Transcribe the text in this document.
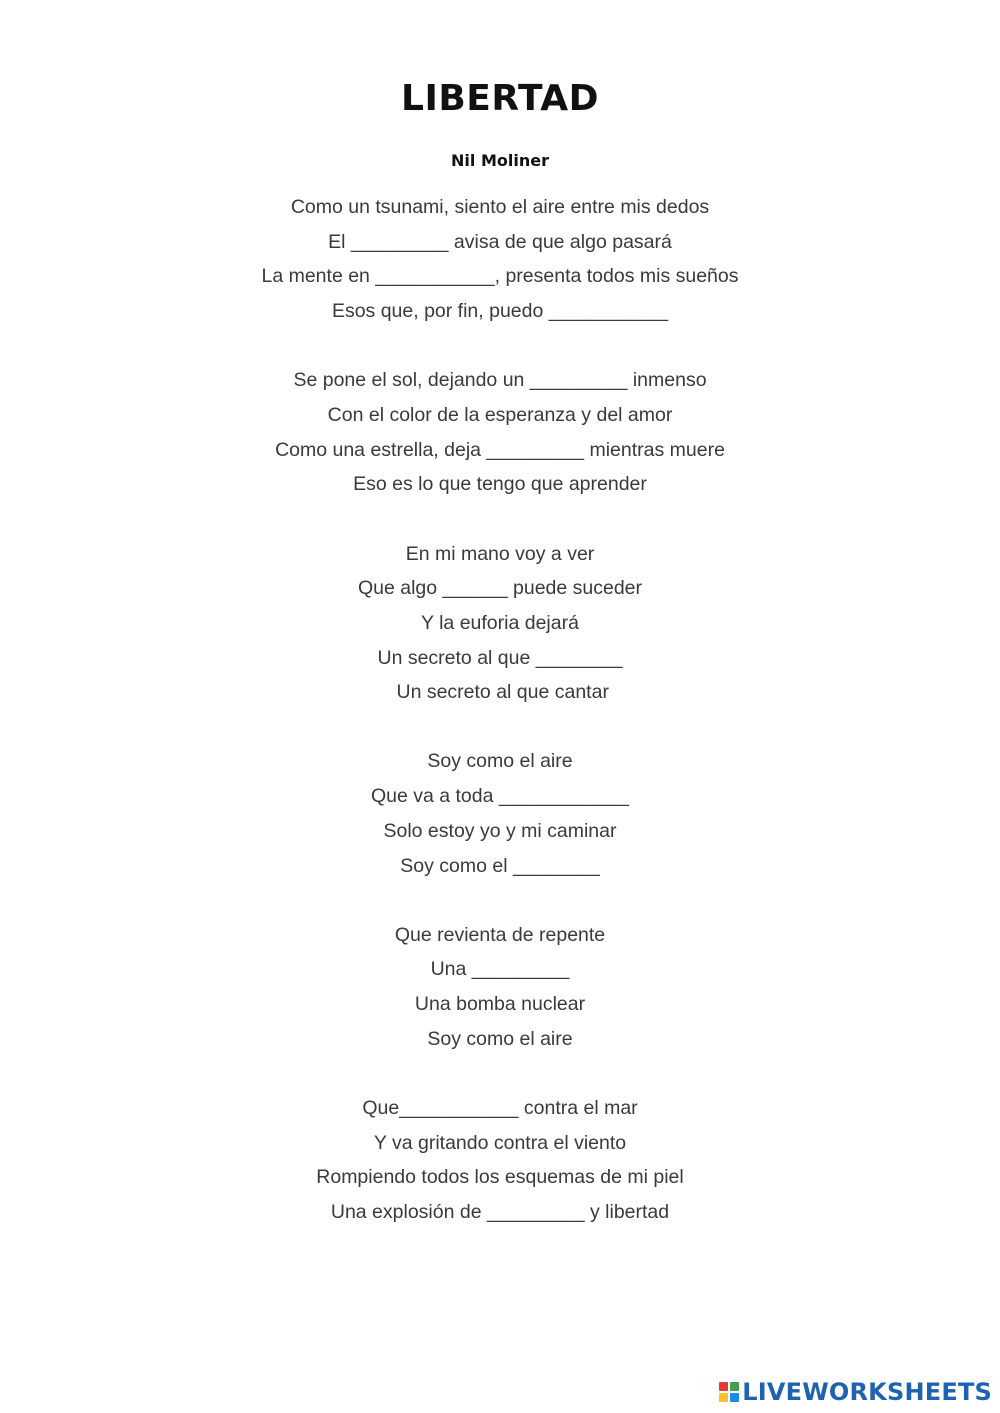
LIBERTAD
Nil Moliner
Como un tsunami, siento el aire entre mis dedos
El _________ avisa de que algo pasará
La mente en ___________, presenta todos mis sueños
Esos que, por fin, puedo ___________
Se pone el sol, dejando un _________ inmenso
Con el color de la esperanza y del amor
Como una estrella, deja _________ mientras muere
Eso es lo que tengo que aprender
En mi mano voy a ver
Que algo ______ puede suceder
Y la euforia dejará
Un secreto al que ________
Un secreto al que cantar
Soy como el aire
Que va a toda ____________
Solo estoy yo y mi caminar
Soy como el ________
Que revienta de repente
Una _________
Una bomba nuclear
Soy como el aire
Que___________ contra el mar
Y va gritando contra el viento
Rompiendo todos los esquemas de mi piel
Una explosión de _________ y libertad
LIVEWORKSHEETS
